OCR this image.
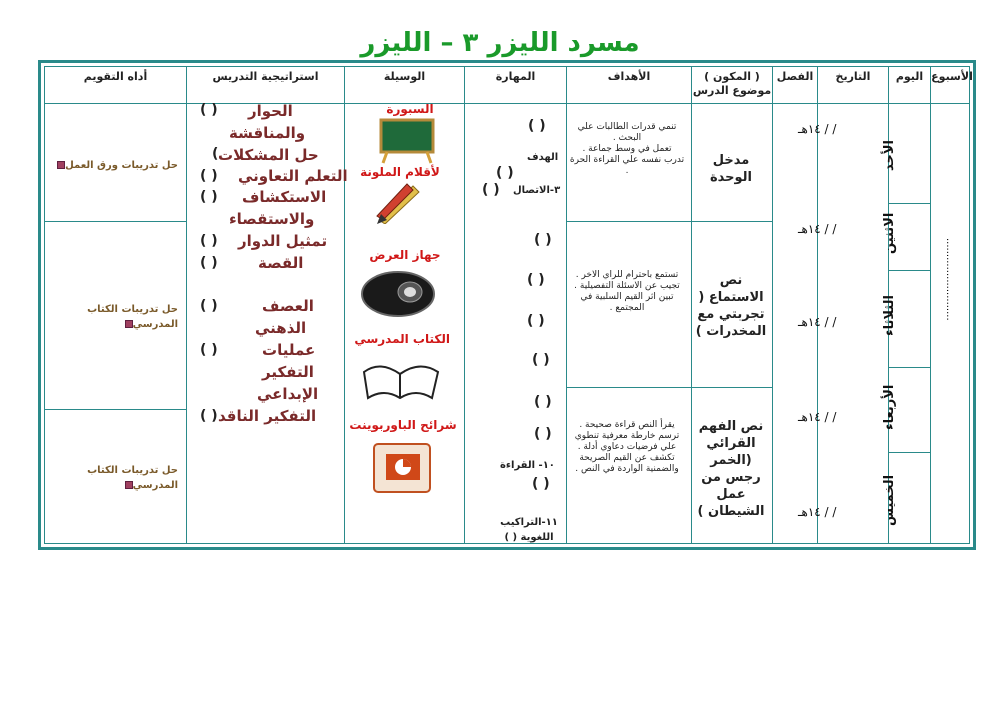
مسرد الليزر ٣ – الليزر
الأسبوع
اليوم
التاريخ
الفصل
( المكون )
موضوع الدرس
الأهداف
المهارة
الوسيلة
استراتيجية التدريس
أداه التقويم
الأحد
الاثنين
الثلاثاء
الأربعاء
الخميس
/ / ١٤هـ
/ / ١٤هـ
/ / ١٤هـ
/ / ١٤هـ
/ / ١٤هـ
..........................
مدخل الوحدة
نص الاستماع ( تجربتي مع المخدرات )
نص الفهم القرائي (الخمر رجس من عمل الشيطان )
تنمي قدرات الطالبات علي البحث .
تعمل في وسط جماعة .
تدرب نفسه علي القراءة الحرة .
تستمع باحترام للراي الاخر .
تجيب عن الاسئلة التفصيلية .
تبين اثر القيم السلبية في المجتمع .
يقرأ النص قراءة صحيحة .
ترسم خارطة معرفية تنطوي علي فرضيات دعاوي أدلة .
تكشف عن القيم الصريحة والضمنية الواردة في النص .
( )
الهدف
( )
٣-الاتصال
( )
( )
( )
( )
( )
( )
( )
١٠- القراءة
( )
١١-التراكيب اللغوية ( )
السبورة
لأقلام الملونة
جهاز العرض
الكتاب المدرسي
شرائح الباوربوينت
الحوار
( )
والمناقشة
حل المشكلات
(
التعلم التعاوني
( )
الاستكشاف
( )
والاستقصاء
تمثيل الدوار
( )
القصة
( )
العصف
( )
الذهني
عمليات
( )
التفكير
الإبداعي
التفكير الناقد
( )
حل تدريبات ورق العمل
حل تدريبات الكتاب المدرسي
حل تدريبات الكتاب المدرسي
